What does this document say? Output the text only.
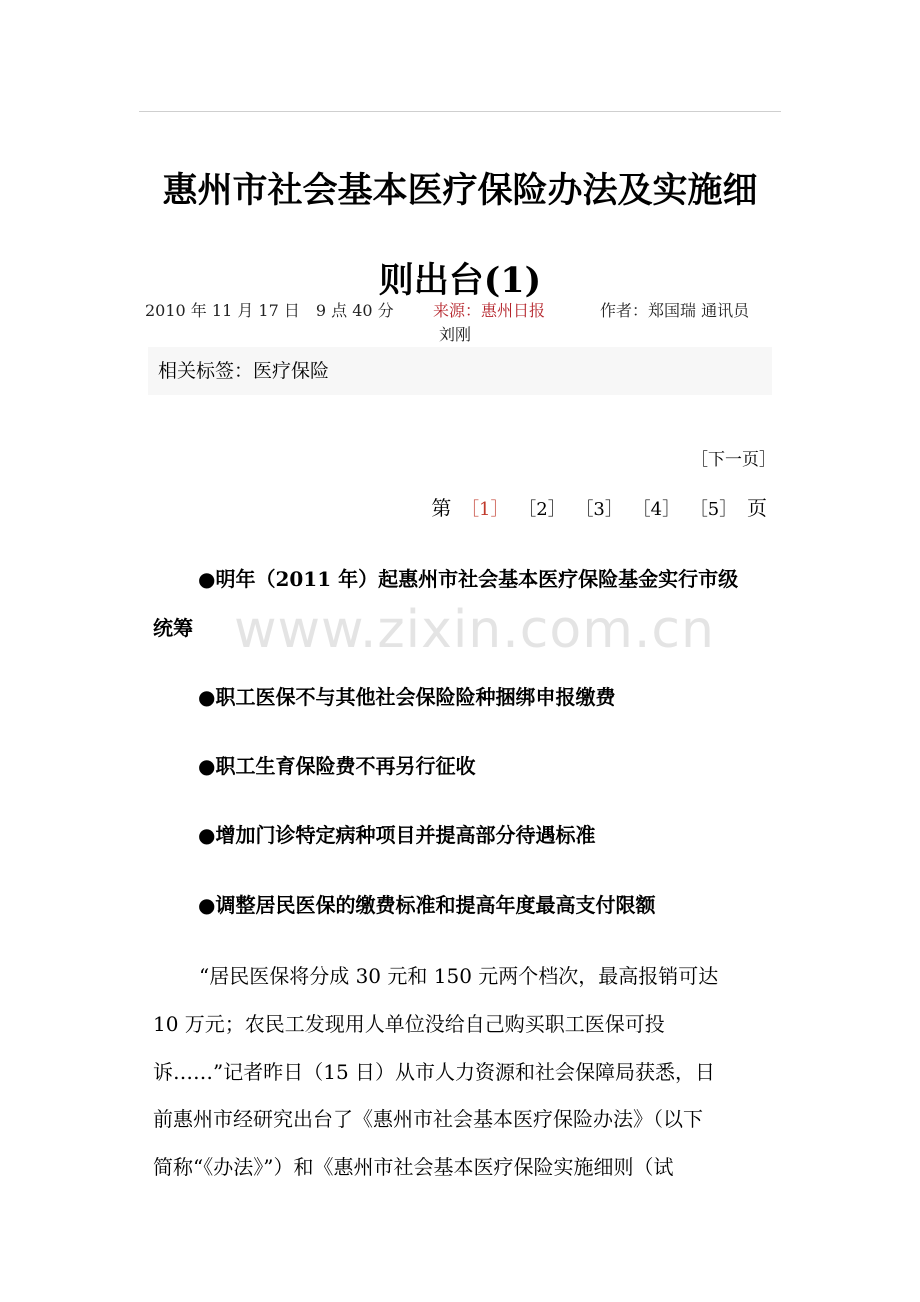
惠州市社会基本医疗保险办法及实施细
则出台(1)
2010 年 11 月 17 日　9 点 40 分 来源：惠州日报	作者：郑国瑞 通讯员
刘刚
相关标签：医疗保险
［下一页］
第 ［1］ ［2］ ［3］ ［4］ ［5］ 页
www.zixin.com.cn
●明年（2011 年）起惠州市社会基本医疗保险基金实行市级
统筹
●职工医保不与其他社会保险险种捆绑申报缴费
●职工生育保险费不再另行征收
●增加门诊特定病种项目并提高部分待遇标准
●调整居民医保的缴费标准和提高年度最高支付限额
“居民医保将分成 30 元和 150 元两个档次，最高报销可达
10 万元；农民工发现用人单位没给自己购买职工医保可投
诉……”记者昨日（15 日）从市人力资源和社会保障局获悉，日
前惠州市经研究出台了《惠州市社会基本医疗保险办法》（以下
简称“《办法》”）和《惠州市社会基本医疗保险实施细则（试
